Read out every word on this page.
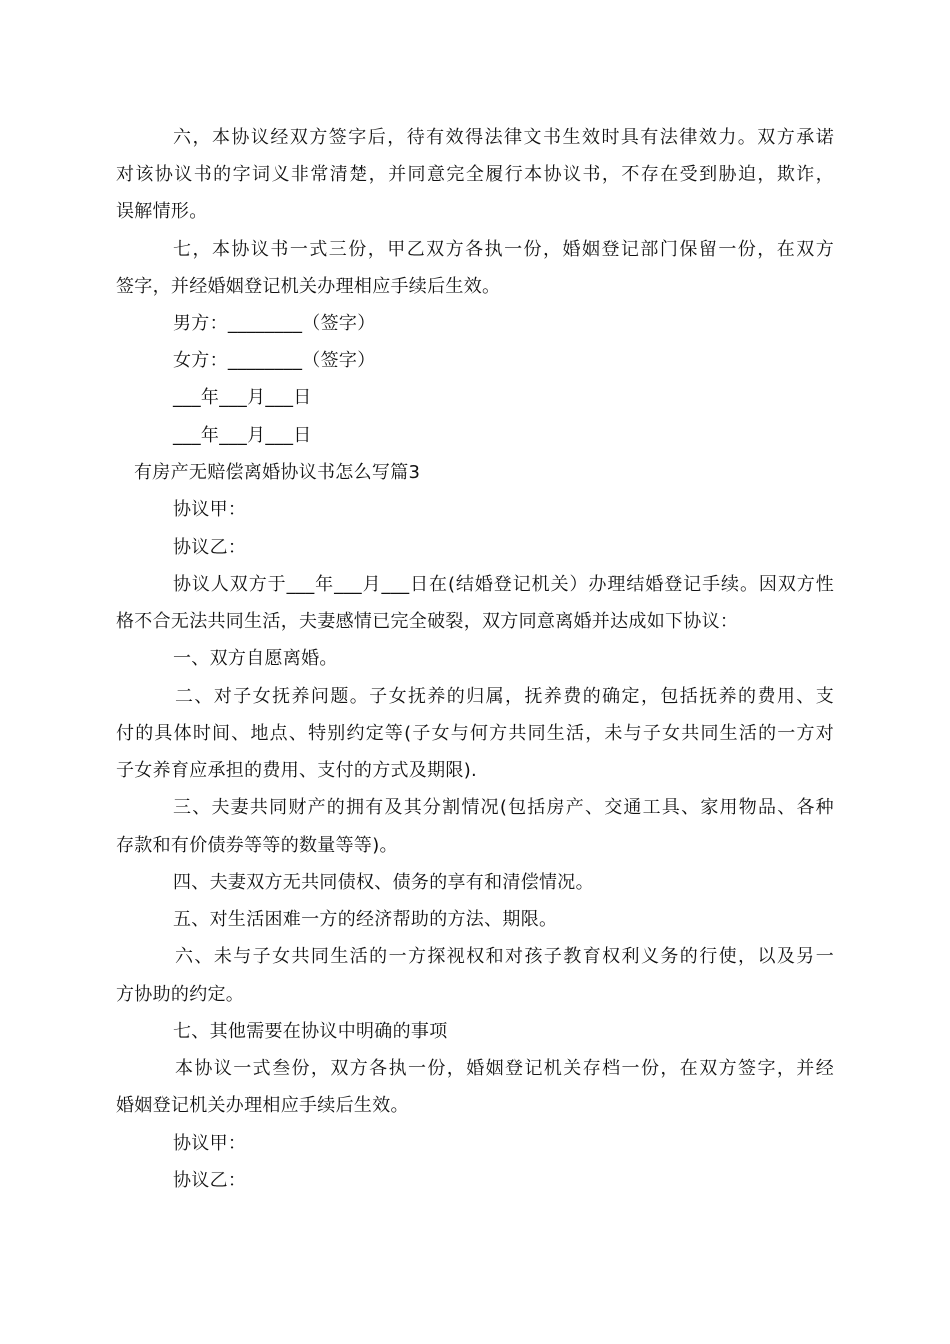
六，本协议经双方签字后，待有效得法律文书生效时具有法律效力。双方承诺
对该协议书的字词义非常清楚，并同意完全履行本协议书，不存在受到胁迫，欺诈，
误解情形。
七，本协议书一式三份，甲乙双方各执一份，婚姻登记部门保留一份，在双方
签字，并经婚姻登记机关办理相应手续后生效。
男方：________（签字）
女方：________（签字）
___年___月___日
___年___月___日
有房产无赔偿离婚协议书怎么写篇3
协议甲：
协议乙：
协议人双方于___年___月___日在(结婚登记机关）办理结婚登记手续。因双方性
格不合无法共同生活，夫妻感情已完全破裂，双方同意离婚并达成如下协议：
一、双方自愿离婚。
二、对子女抚养问题。子女抚养的归属，抚养费的确定，包括抚养的费用、支
付的具体时间、地点、特别约定等(子女与何方共同生活，未与子女共同生活的一方对
子女养育应承担的费用、支付的方式及期限).
三、夫妻共同财产的拥有及其分割情况(包括房产、交通工具、家用物品、各种
存款和有价债券等等的数量等等)。
四、夫妻双方无共同债权、债务的享有和清偿情况。
五、对生活困难一方的经济帮助的方法、期限。
六、未与子女共同生活的一方探视权和对孩子教育权利义务的行使，以及另一
方协助的约定。
七、其他需要在协议中明确的事项
本协议一式叁份，双方各执一份，婚姻登记机关存档一份，在双方签字，并经
婚姻登记机关办理相应手续后生效。
协议甲：
协议乙：
